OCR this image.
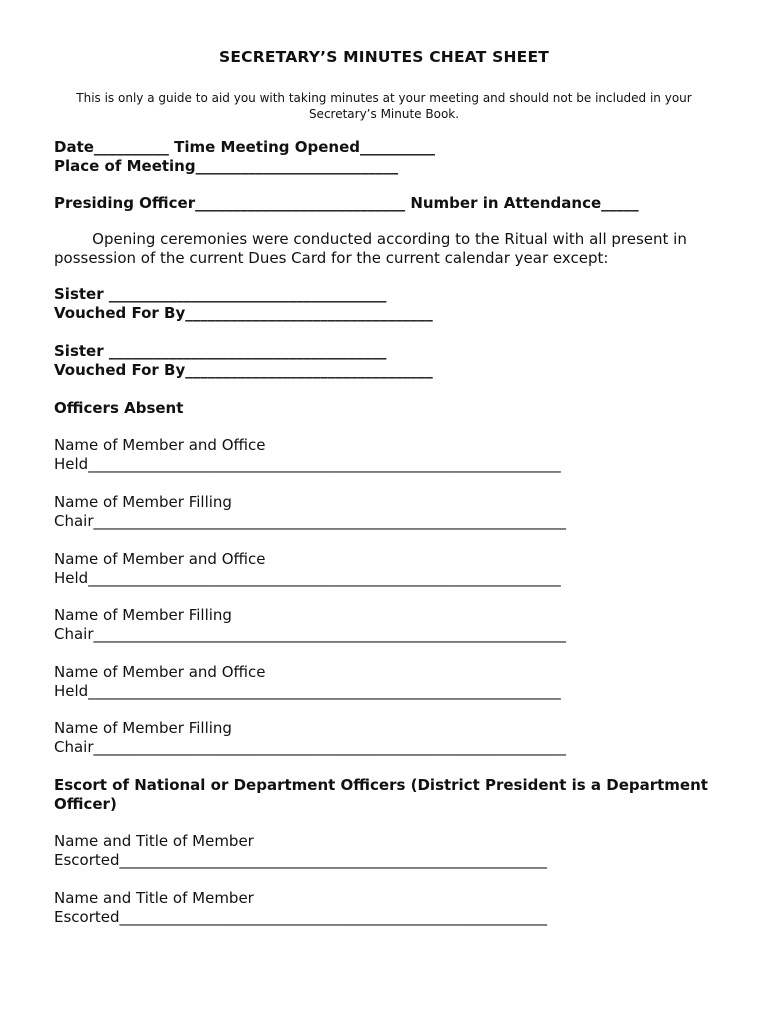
SECRETARY’S MINUTES CHEAT SHEET
This is only a guide to aid you with taking minutes at your meeting and should not be included in your Secretary’s Minute Book.
Date__________ Time Meeting Opened__________
Place of Meeting___________________________
Presiding Officer____________________________ Number in Attendance_____
Opening ceremonies were conducted according to the Ritual with all present in
possession of the current Dues Card for the current calendar year except:
Sister _____________________________________
Vouched For By_________________________________
Sister _____________________________________
Vouched For By_________________________________
Officers Absent
Name of Member and Office
Held_______________________________________________________________
Name of Member Filling
Chair_______________________________________________________________
Name of Member and Office
Held_______________________________________________________________
Name of Member Filling
Chair_______________________________________________________________
Name of Member and Office
Held_______________________________________________________________
Name of Member Filling
Chair_______________________________________________________________
Escort of National or Department Officers (District President is a Department
Officer)
Name and Title of Member
Escorted_________________________________________________________
Name and Title of Member
Escorted_________________________________________________________
